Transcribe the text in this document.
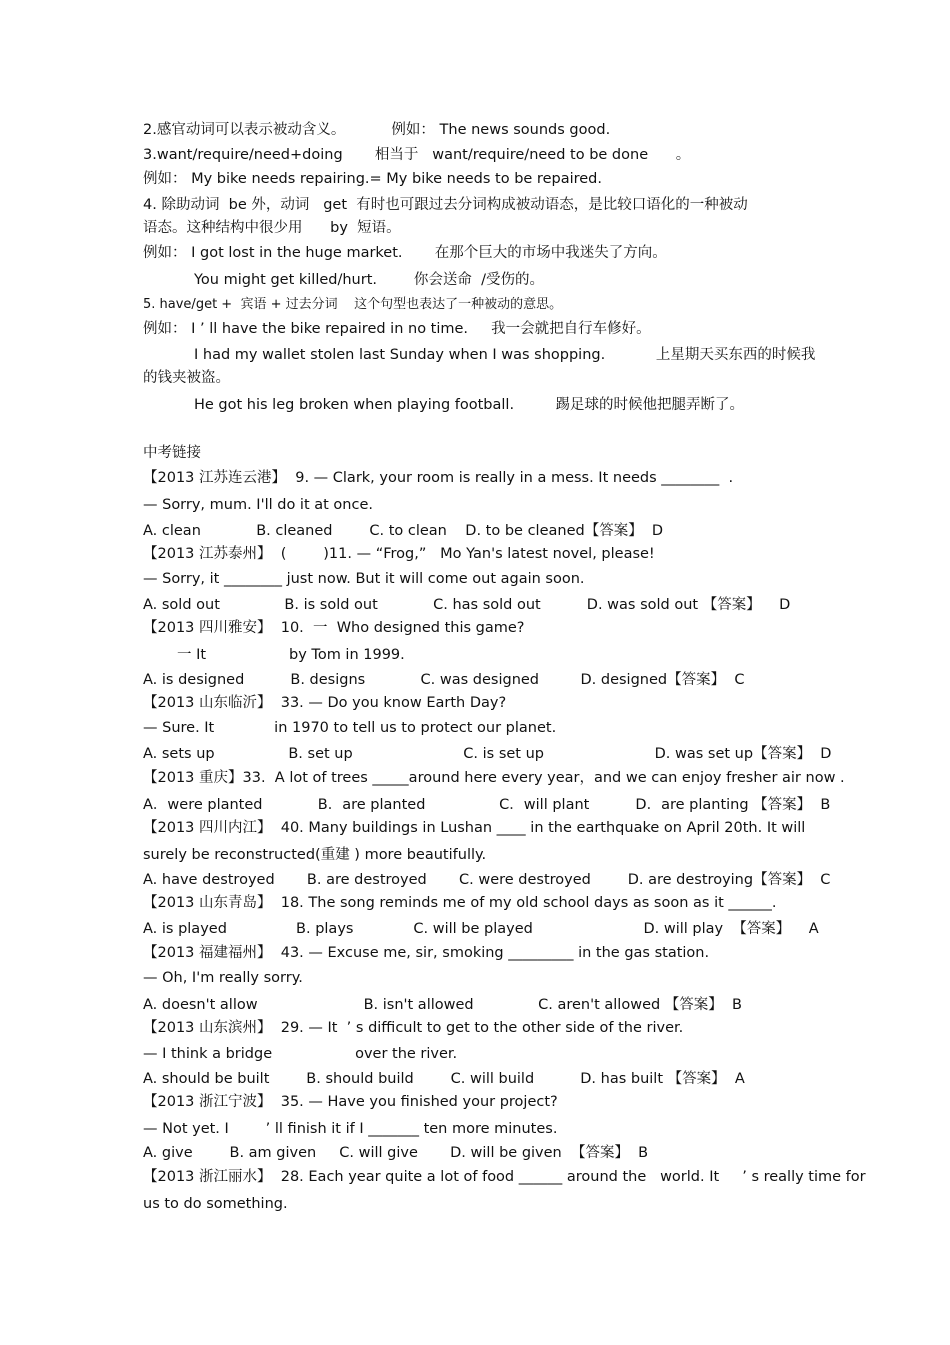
2.感官动词可以表示被动含义。          例如： The news sounds good.
3.want/require/need+doing       相当于   want/require/need to be done      。
例如： My bike needs repairing.= My bike needs to be repaired.
4. 除助动词  be 外，动词   get  有时也可跟过去分词构成被动语态，是比较口语化的一种被动
语态。这种结构中很少用      by  短语。
例如： I got lost in the huge market.       在那个巨大的市场中我迷失了方向。
You might get killed/hurt.        你会送命  /受伤的。
5. have/get +  宾语 + 过去分词    这个句型也表达了一种被动的意思。
例如： I ’ ll have the bike repaired in no time.     我一会就把自行车修好。
I had my wallet stolen last Sunday when I was shopping.           上星期天买东西的时候我
的钱夹被盗。
He got his leg broken when playing football.         踢足球的时候他把腿弄断了。
中考链接
【2013 江苏连云港】  9. — Clark, your room is really in a mess. It needs ________  .
— Sorry, mum. I'll do it at once.
A. clean            B. cleaned        C. to clean    D. to be cleaned【答案】  D
【2013 江苏泰州】  (        )11. — “Frog,”   Mo Yan's latest novel, please!
— Sorry, it ________ just now. But it will come out again soon.
A. sold out              B. is sold out            C. has sold out          D. was sold out 【答案】    D
【2013 四川雅安】  10.  一  Who designed this game?
一 It                  by Tom in 1999.
A. is designed          B. designs            C. was designed         D. designed【答案】  C
【2013 山东临沂】  33. — Do you know Earth Day?
— Sure. It             in 1970 to tell us to protect our planet.
A. sets up                B. set up                        C. is set up                        D. was set up【答案】  D
【2013 重庆】33.  A lot of trees _____around here every year，and we can enjoy fresher air now .
A．were planted            B．are planted                C．will plant          D．are planting 【答案】  B
【2013 四川内江】  40. Many buildings in Lushan ____ in the earthquake on April 20th. It will
surely be reconstructed(重建 ) more beautifully.
A. have destroyed       B. are destroyed       C. were destroyed        D. are destroying【答案】  C
【2013 山东青岛】  18. The song reminds me of my old school days as soon as it ______.
A. is played               B. plays             C. will be played                        D. will play  【答案】    A
【2013 福建福州】  43. — Excuse me, sir, smoking _________ in the gas station.
— Oh, I'm really sorry.
A. doesn't allow                       B. isn't allowed              C. aren't allowed 【答案】  B
【2013 山东滨州】  29. — It  ’ s difficult to get to the other side of the river.
— I think a bridge                  over the river.
A. should be built        B. should build        C. will build          D. has built 【答案】  A
【2013 浙江宁波】  35. — Have you finished your project?
— Not yet. I        ’ ll finish it if I _______ ten more minutes.
A. give        B. am given     C. will give       D. will be given  【答案】  B
【2013 浙江丽水】  28. Each year quite a lot of food ______ around the   world. It     ’ s really time for
us to do something.
